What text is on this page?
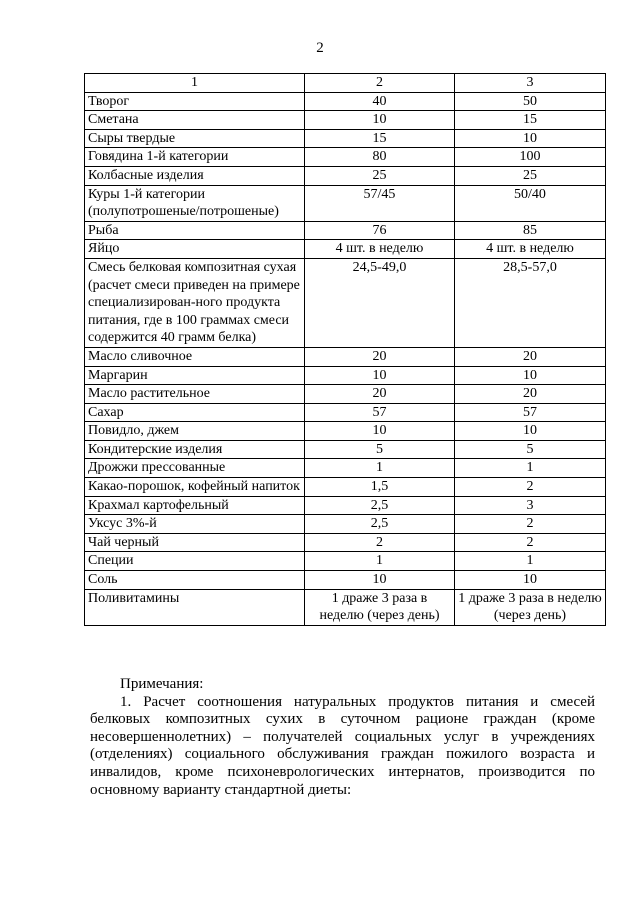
2
1	2	3
Творог	40	50
Сметана	10	15
Сыры твердые	15	10
Говядина 1-й категории	80	100
Колбасные изделия	25	25
Куры 1-й категории (полупотрошеные/потрошеные)	57/45	50/40
Рыба	76	85
Яйцо	4 шт. в неделю	4 шт. в неделю
Смесь белковая композитная сухая (расчет смеси приведен на примере специализирован-ного продукта питания, где в 100 граммах смеси содержится 40 грамм белка)	24,5-49,0	28,5-57,0
Масло сливочное	20	20
Маргарин	10	10
Масло растительное	20	20
Сахар	57	57
Повидло, джем	10	10
Кондитерские изделия	5	5
Дрожжи прессованные	1	1
Какао-порошок, кофейный напиток	1,5	2
Крахмал картофельный	2,5	3
Уксус 3%-й	2,5	2
Чай черный	2	2
Специи	1	1
Соль	10	10
Поливитамины	1 драже 3 раза в неделю (через день)	1 драже 3 раза в неделю (через день)

Примечания:

1. Расчет соотношения натуральных продуктов питания и смесей белковых композитных сухих в суточном рационе граждан (кроме несовершеннолетних) – получателей социальных услуг в учреждениях (отделениях) социального обслуживания граждан пожилого возраста и инвалидов, кроме психоневрологических интернатов, производится по основному варианту стандартной диеты:
